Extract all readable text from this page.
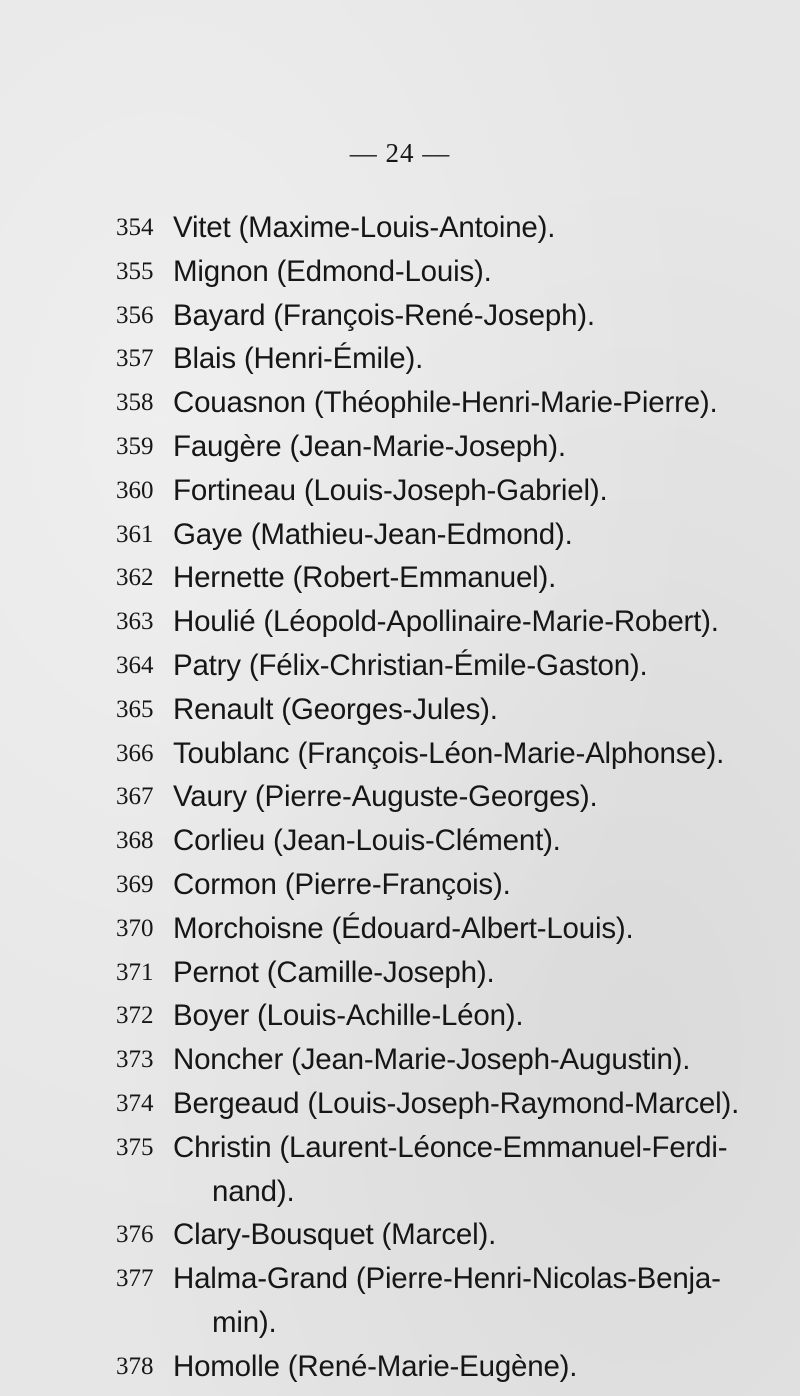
— 24 —
354 Vitet (Maxime-Louis-Antoine).
355 Mignon (Edmond-Louis).
356 Bayard (François-René-Joseph).
357 Blais (Henri-Émile).
358 Couasnon (Théophile-Henri-Marie-Pierre).
359 Faugère (Jean-Marie-Joseph).
360 Fortineau (Louis-Joseph-Gabriel).
361 Gaye (Mathieu-Jean-Edmond).
362 Hernette (Robert-Emmanuel).
363 Houlié (Léopold-Apollinaire-Marie-Robert).
364 Patry (Félix-Christian-Émile-Gaston).
365 Renault (Georges-Jules).
366 Toublanc (François-Léon-Marie-Alphonse).
367 Vaury (Pierre-Auguste-Georges).
368 Corlieu (Jean-Louis-Clément).
369 Cormon (Pierre-François).
370 Morchoisne (Édouard-Albert-Louis).
371 Pernot (Camille-Joseph).
372 Boyer (Louis-Achille-Léon).
373 Noncher (Jean-Marie-Joseph-Augustin).
374 Bergeaud (Louis-Joseph-Raymond-Marcel).
375 Christin (Laurent-Léonce-Emmanuel-Ferdi-
nand).
376 Clary-Bousquet (Marcel).
377 Halma-Grand (Pierre-Henri-Nicolas-Benja-
min).
378 Homolle (René-Marie-Eugène).
